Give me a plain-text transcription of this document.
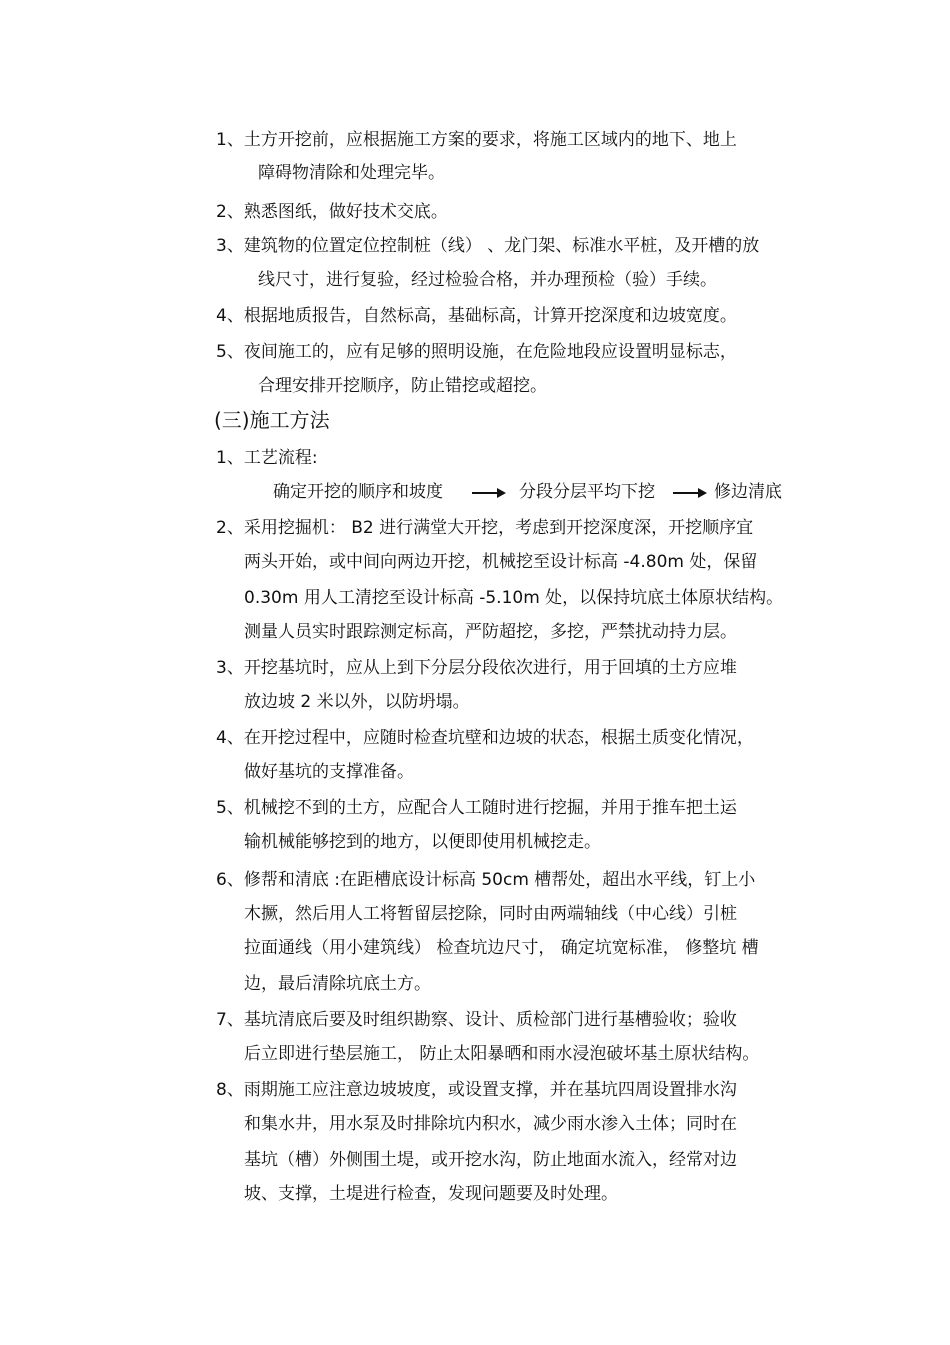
1、土方开挖前，应根据施工方案的要求，将施工区域内的地下、地上
障碍物清除和处理完毕。
2、熟悉图纸，做好技术交底。
3、建筑物的位置定位控制桩（线） 、龙门架、标准水平桩，及开槽的放
线尺寸，进行复验，经过检验合格，并办理预检（验）手续。
4、根据地质报告，自然标高，基础标高，计算开挖深度和边坡宽度。
5、夜间施工的，应有足够的照明设施，在危险地段应设置明显标志，
合理安排开挖顺序，防止错挖或超挖。
(三)施工方法
1、工艺流程:
确定开挖的顺序和坡度	分段分层平均下挖	修边清底
2、采用挖掘机： B2 进行满堂大开挖，考虑到开挖深度深，开挖顺序宜
两头开始，或中间向两边开挖，机械挖至设计标高 -4.80m 处，保留
0.30m 用人工清挖至设计标高 -5.10m 处，以保持坑底土体原状结构。
测量人员实时跟踪测定标高，严防超挖，多挖，严禁扰动持力层。
3、开挖基坑时，应从上到下分层分段依次进行，用于回填的土方应堆
放边坡 2 米以外，以防坍塌。
4、在开挖过程中，应随时检查坑壁和边坡的状态，根据土质变化情况，
做好基坑的支撑准备。
5、机械挖不到的土方，应配合人工随时进行挖掘，并用于推车把土运
输机械能够挖到的地方，以便即使用机械挖走。
6、修帮和清底 :在距槽底设计标高 50cm 槽帮处，超出水平线，钉上小
木撅，然后用人工将暂留层挖除，同时由两端轴线（中心线）引桩
拉面通线（用小建筑线） 检查坑边尺寸， 确定坑宽标准， 修整坑 槽
边，最后清除坑底土方。
7、基坑清底后要及时组织勘察、设计、质检部门进行基槽验收；验收
后立即进行垫层施工， 防止太阳暴晒和雨水浸泡破坏基土原状结构。
8、雨期施工应注意边坡坡度，或设置支撑，并在基坑四周设置排水沟
和集水井，用水泵及时排除坑内积水，减少雨水渗入土体；同时在
基坑（槽）外侧围土堤，或开挖水沟，防止地面水流入，经常对边
坡、支撑，土堤进行检查，发现问题要及时处理。
